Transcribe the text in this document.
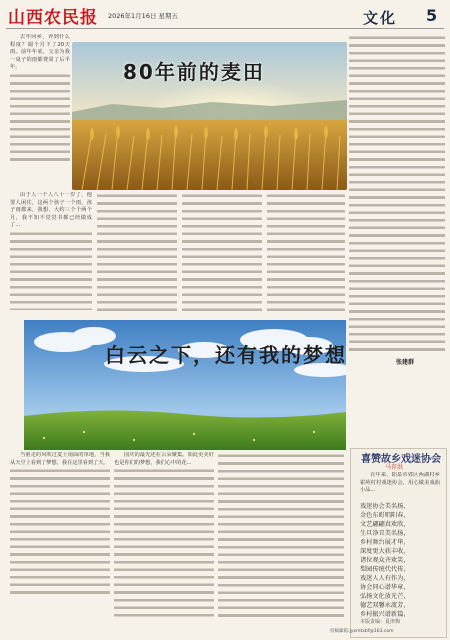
山西农民报 2026年1月16日 星期五	文化 5

去年回乡，养到什么程度？阔个月下了20天雨。前年年底，父亲为我一桌子的雨都费周了后半年。	80年前的麦田

由于人一个人八十一岁了，他要人闲住，这两个孩子一个雨，孩子雨都来，我想，大约三个个两个月，我不知不觉觉书都已经做成了...

张建群
白云之下，还有我的梦想

当童走的风吹过麦土南面的草地，当我从天空上看到了梦想，我在这里看到了天。

国庆的最先还在云朵聚集。如此更美好也是你们的梦想，我们心中的花...	喜赞故乡戏迷协会
马存洪

百年来，阳泉市郊区两湖村乡霍岭村村戏迷协会，用心做美戏曲小品...

戏迷协会美名扬，
金色东町唱阳春，
文艺翩翩真欢欣，
生旦净丑美名扬，
乡村舞台展才华，
深度更大获丰收，
诸位观众齐欢笑，
梨园传统代代传，
戏迷人人有作为，
协会同心谱华章，
弘扬文化放光芒，
德艺双馨永流芳，
乡村振兴谱新篇，
本版责编：夏津梅
投稿邮箱:jyxmtxbf@163.com
